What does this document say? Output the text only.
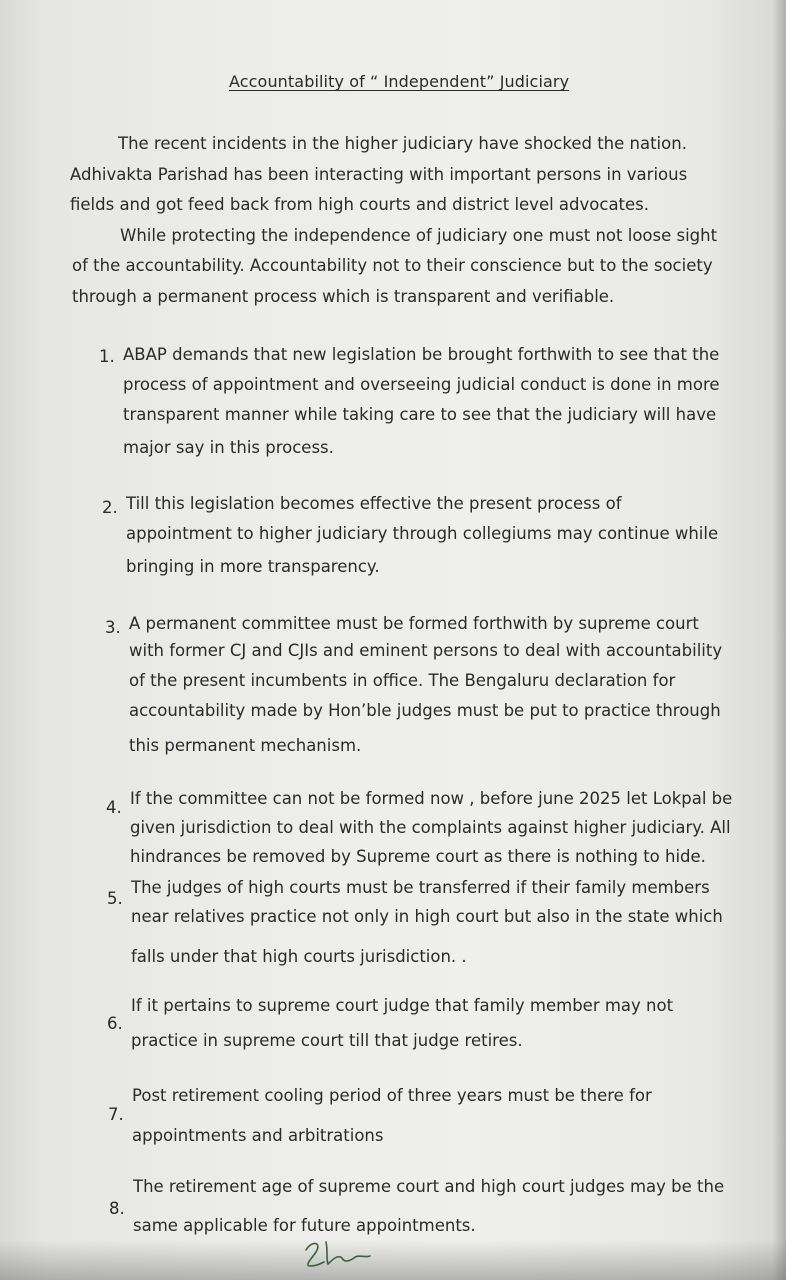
Accountability of “ Independent” Judiciary
The recent incidents in the higher judiciary have shocked the nation.
Adhivakta Parishad has been interacting with important persons in various
fields and got feed back from high courts and district level advocates.
While protecting the independence of judiciary one must not loose sight
of the accountability. Accountability not to their conscience but to the society
through a permanent process which is transparent and verifiable.
1. ABAP demands that new legislation be brought forthwith to see that the
process of appointment and overseeing judicial conduct is done in more
transparent manner while taking care to see that the judiciary will have
major say in this process.
2. Till this legislation becomes effective the present process of
appointment to higher judiciary through collegiums may continue while
bringing in more transparency.
3. A permanent committee must be formed forthwith by supreme court
with former CJ and CJIs and eminent persons to deal with accountability
of the present incumbents in office. The Bengaluru declaration for
accountability made by Hon’ble judges must be put to practice through
this permanent mechanism.
4. If the committee can not be formed now , before june 2025 let Lokpal be
given jurisdiction to deal with the complaints against higher judiciary. All
hindrances be removed by Supreme court as there is nothing to hide.
5.
The judges of high courts must be transferred if their family members
near relatives practice not only in high court but also in the state which
falls under that high courts jurisdiction. .
6.
If it pertains to supreme court judge that family member may not
practice in supreme court till that judge retires.
7.
Post retirement cooling period of three years must be there for
appointments and arbitrations
8.
The retirement age of supreme court and high court judges may be the
same applicable for future appointments.
